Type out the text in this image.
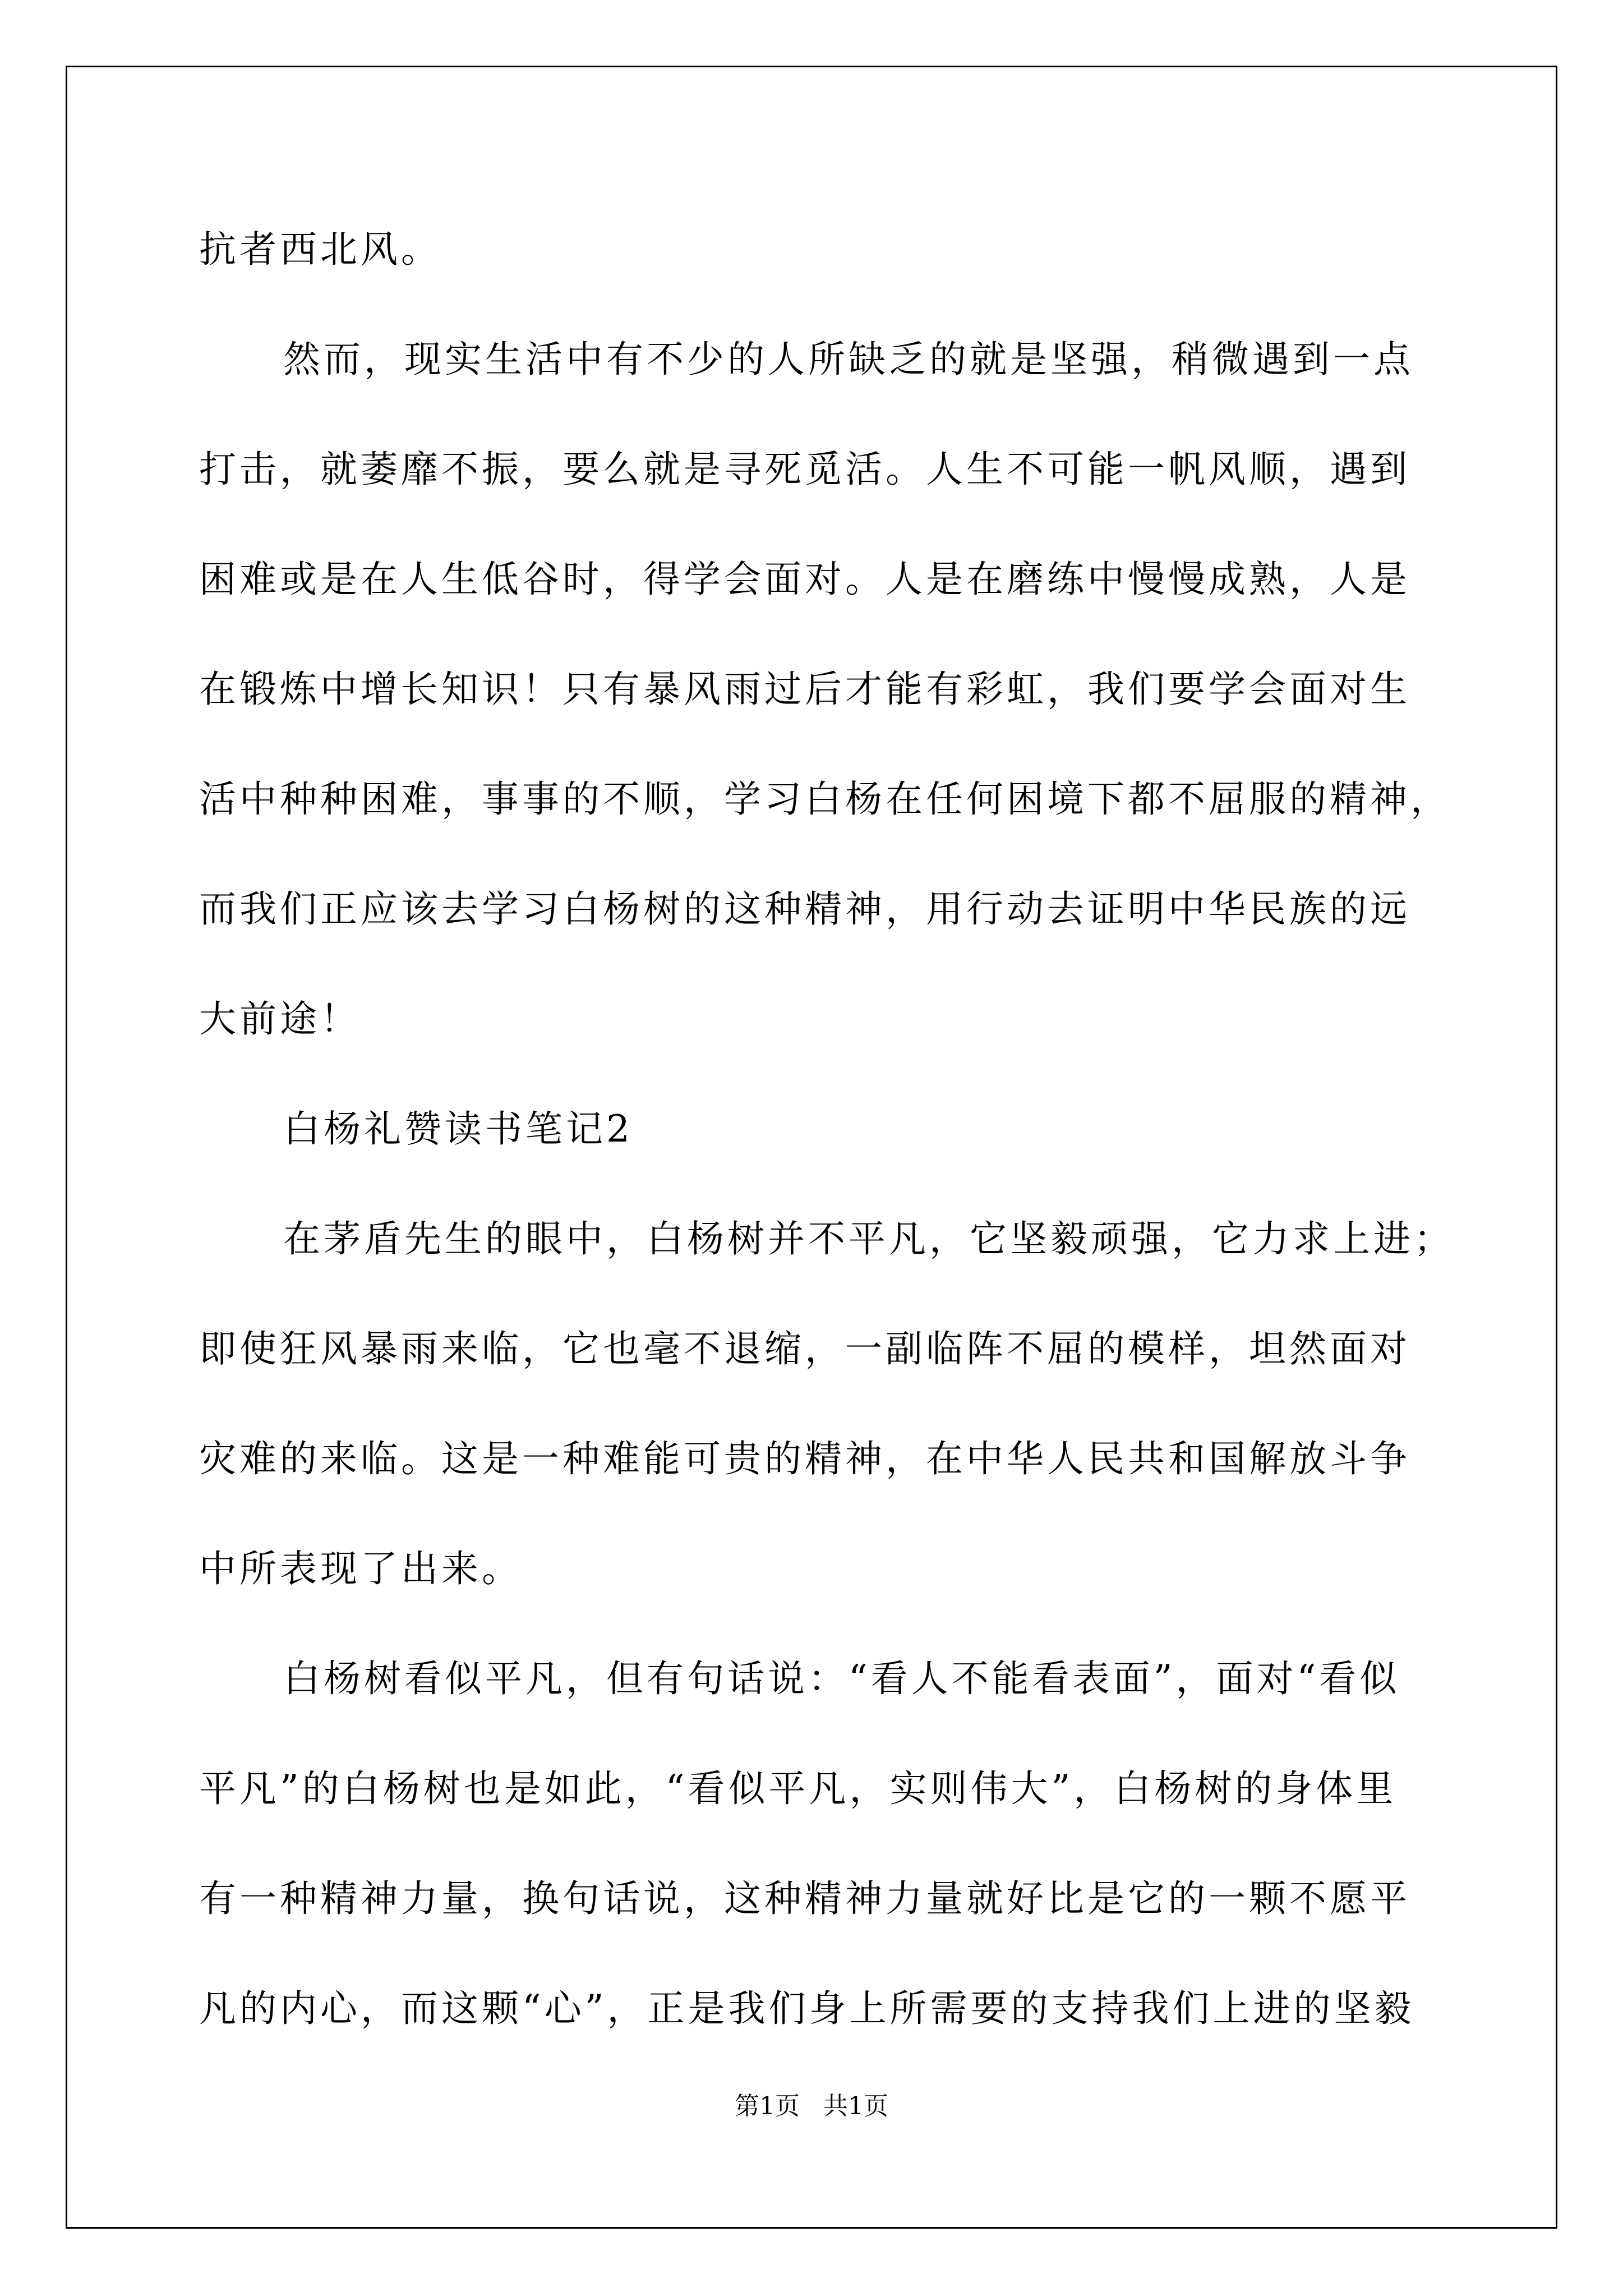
抗者西北风。
然而，现实生活中有不少的人所缺乏的就是坚强，稍微遇到一点
打击，就萎靡不振，要么就是寻死觅活。人生不可能一帆风顺，遇到
困难或是在人生低谷时，得学会面对。人是在磨练中慢慢成熟，人是
在锻炼中增长知识！只有暴风雨过后才能有彩虹，我们要学会面对生
活中种种困难，事事的不顺，学习白杨在任何困境下都不屈服的精神，
而我们正应该去学习白杨树的这种精神，用行动去证明中华民族的远
大前途！
白杨礼赞读书笔记2
在茅盾先生的眼中，白杨树并不平凡，它坚毅顽强，它力求上进；
即使狂风暴雨来临，它也毫不退缩，一副临阵不屈的模样，坦然面对
灾难的来临。这是一种难能可贵的精神，在中华人民共和国解放斗争
中所表现了出来。
白杨树看似平凡，但有句话说：“看人不能看表面”，面对“看似
平凡”的白杨树也是如此，“看似平凡，实则伟大”，白杨树的身体里
有一种精神力量，换句话说，这种精神力量就好比是它的一颗不愿平
凡的内心，而这颗“心”，正是我们身上所需要的支持我们上进的坚毅
第1页   共1页
